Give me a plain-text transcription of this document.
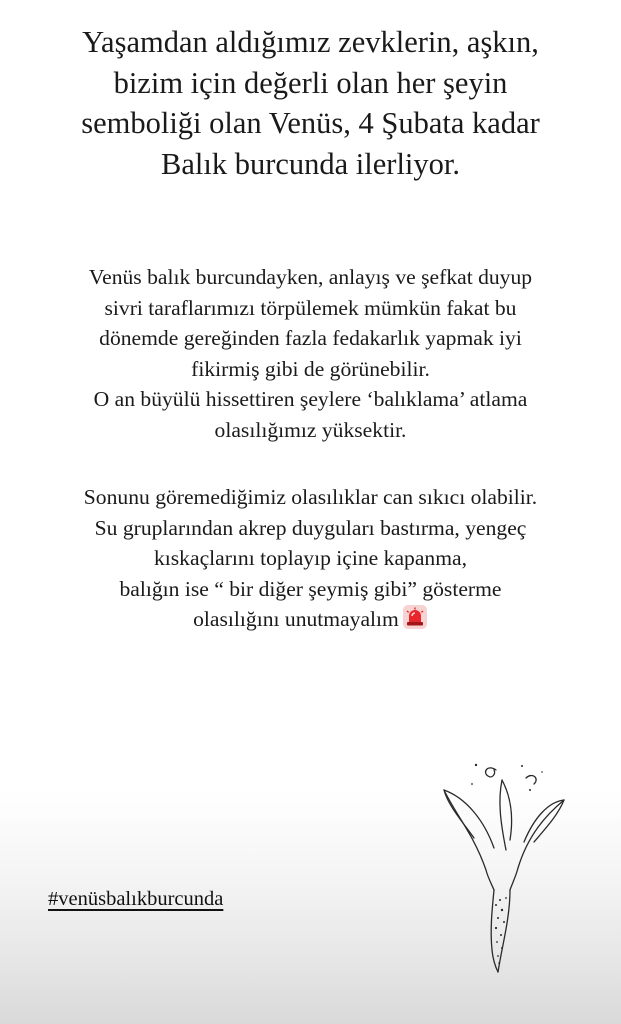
Yaşamdan aldığımız zevklerin, aşkın,
bizim için değerli olan her şeyin
semboliği olan Venüs, 4 Şubata kadar
Balık burcunda ilerliyor.
Venüs balık burcundayken, anlayış ve şefkat duyup
sivri taraflarımızı törpülemek mümkün fakat bu
dönemde gereğinden fazla fedakarlık yapmak iyi
fikirmiş gibi de görünebilir.
O an büyülü hissettiren şeylere ‘balıklama’ atlama
olasılığımız yüksektir.
Sonunu göremediğimiz olasılıklar can sıkıcı olabilir.
Su gruplarından akrep duyguları bastırma, yengeç
kıskaçlarını toplayıp içine kapanma,
balığın ise “ bir diğer şeymiş gibi” gösterme
olasılığını unutmayalım
#venüsbalıkburcunda
